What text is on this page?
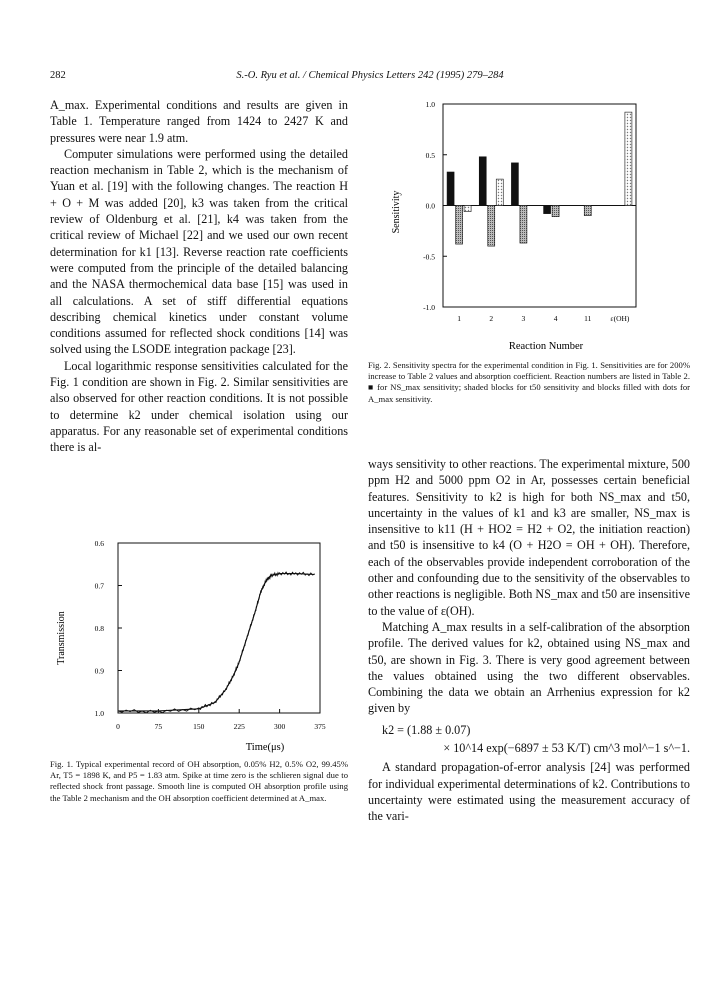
282	S.-O. Ryu et al. / Chemical Physics Letters 242 (1995) 279–284

A_max. Experimental conditions and results are given in Table 1. Temperature ranged from 1424 to 2427 K and pressures were near 1.9 atm.

Computer simulations were performed using the detailed reaction mechanism in Table 2, which is the mechanism of Yuan et al. [19] with the following changes. The reaction H + O + M was added [20], k3 was taken from the critical review of Oldenburg et al. [21], k4 was taken from the critical review of Michael [22] and we used our own recent determination for k1 [13]. Reverse reaction rate coefficients were computed from the principle of the detailed balancing and the NASA thermochemical data base [15] was used in all calculations. A set of stiff differential equations describing chemical kinetics under constant volume conditions assumed for reflected shock conditions [14] was solved using the LSODE integration package [23].

Local logarithmic response sensitivities calculated for the Fig. 1 condition are shown in Fig. 2. Similar sensitivities are also observed for other reaction conditions. It is not possible to determine k2 under chemical isolation using our apparatus. For any reasonable set of experimental conditions there is al-

0.6
0.7
0.8
0.9
1.0
0	75	150	225	300	375
Transmission
Time(μs)
Fig. 1. Typical experimental record of OH absorption, 0.05% H2, 0.5% O2, 99.45% Ar, T5 = 1898 K, and P5 = 1.83 atm. Spike at time zero is the schlieren signal due to reflected shock front passage. Smooth line is computed OH absorption profile using the Table 2 mechanism and the OH absorption coefficient determined at A_max.
1.0
0.5
0.0
-0.5
-1.0
1	2	3	4	11	ε(OH)
Sensitivity
Reaction Number
Fig. 2. Sensitivity spectra for the experimental condition in Fig. 1. Sensitivities are for 200% increase to Table 2 values and absorption coefficient. Reaction numbers are listed in Table 2. ■ for NS_max sensitivity; shaded blocks for t50 sensitivity and blocks filled with dots for A_max sensitivity.

ways sensitivity to other reactions. The experimental mixture, 500 ppm H2 and 5000 ppm O2 in Ar, possesses certain beneficial features. Sensitivity to k2 is high for both NS_max and t50, uncertainty in the values of k1 and k3 are smaller, NS_max is insensitive to k11 (H + HO2 = H2 + O2, the initiation reaction) and t50 is insensitive to k4 (O + H2O = OH + OH). Therefore, each of the observables provide independent corroboration of the other and confounding due to the sensitivity of the observables to other reactions is negligible. Both NS_max and t50 are insensitive to the value of ε(OH).

Matching A_max results in a self-calibration of the absorption profile. The derived values for k2, obtained using NS_max and t50, are shown in Fig. 3. There is very good agreement between the values obtained using the two different observables. Combining the data we obtain an Arrhenius expression for k2 given by

k2 = (1.88 ± 0.07)
× 10^14 exp(−6897 ± 53 K/T) cm^3 mol^−1 s^−1.

A standard propagation-of-error analysis [24] was performed for individual experimental determinations of k2. Contributions to uncertainty were estimated using the measurement accuracy of the vari-
